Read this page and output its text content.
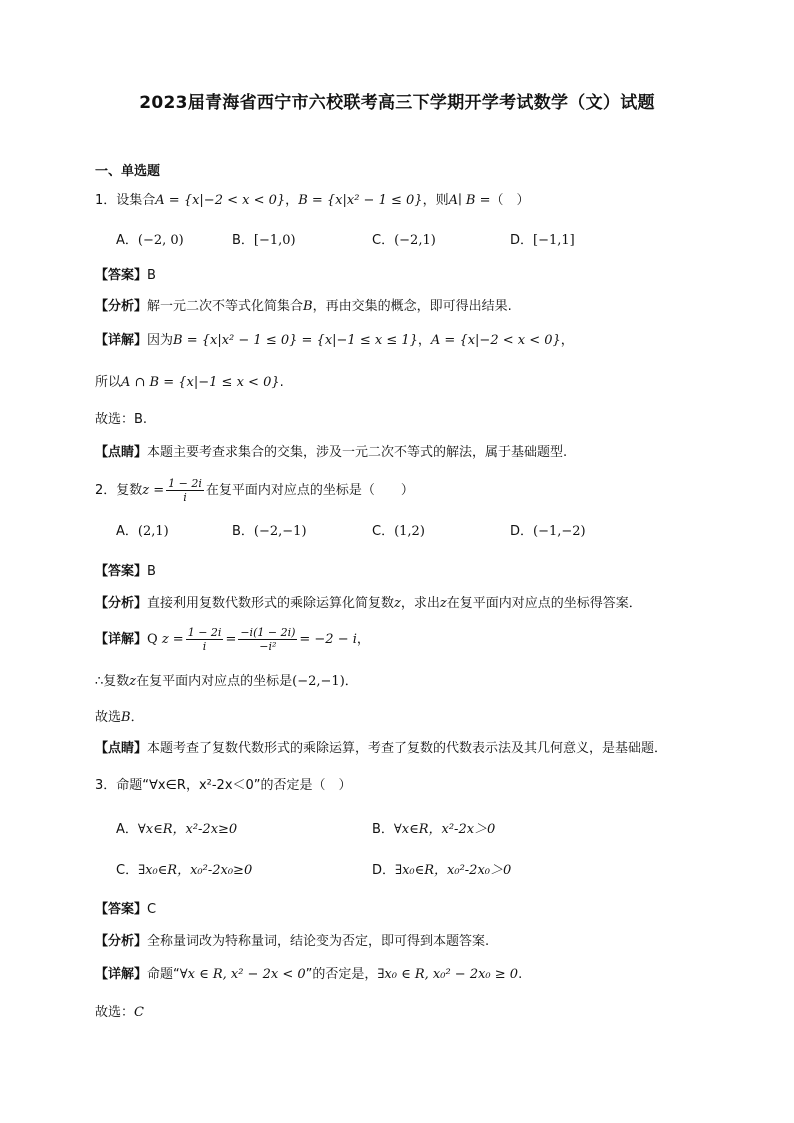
2023届青海省西宁市六校联考高三下学期开学考试数学（文）试题
一、单选题
1．设集合A = {x|−2 < x < 0}，B = {x|x² − 1 ≤ 0}，则A∣ B =（　）
A．(−2, 0)	B．[−1,0)	C．(−2,1)	D．[−1,1]
【答案】B
【分析】解一元二次不等式化简集合B，再由交集的概念，即可得出结果.
【详解】因为B = {x|x² − 1 ≤ 0} = {x|−1 ≤ x ≤ 1}，A = {x|−2 < x < 0}，
所以A ∩ B = {x|−1 ≤ x < 0}.
故选：B.
【点睛】本题主要考查求集合的交集，涉及一元二次不等式的解法，属于基础题型.
2．复数$z = \frac{1 - 2i}{i}$ 在复平面内对应点的坐标是（　　）
A．(2,1)	B．(−2,−1)	C．(1,2)	D．(−1,−2)
【答案】B
【分析】直接利用复数代数形式的乘除运算化简复数z，求出z在复平面内对应点的坐标得答案．
【详解】Q $z = \frac{1 - 2i}{i} = \frac{-i(1 - 2i)}{\text{−i²}} = -2 - i$，
∴复数z在复平面内对应点的坐标是(−2,−1)．
故选B．
【点睛】本题考查了复数代数形式的乘除运算，考查了复数的代数表示法及其几何意义，是基础题．
3．命题“∀x∈R，x²-2x＜0”的否定是（　）
A．∀x∈R，x²-2x≥0	B．∀x∈R，x²-2x＞0
C．∃x₀∈R，x₀²-2x₀≥0	D．∃x₀∈R，x₀²-2x₀＞0
【答案】C
【分析】全称量词改为特称量词，结论变为否定，即可得到本题答案.
【详解】命题“∀x ∈ R, x² − 2x < 0”的否定是，∃x₀ ∈ R, x₀² − 2x₀ ≥ 0.
故选：C
